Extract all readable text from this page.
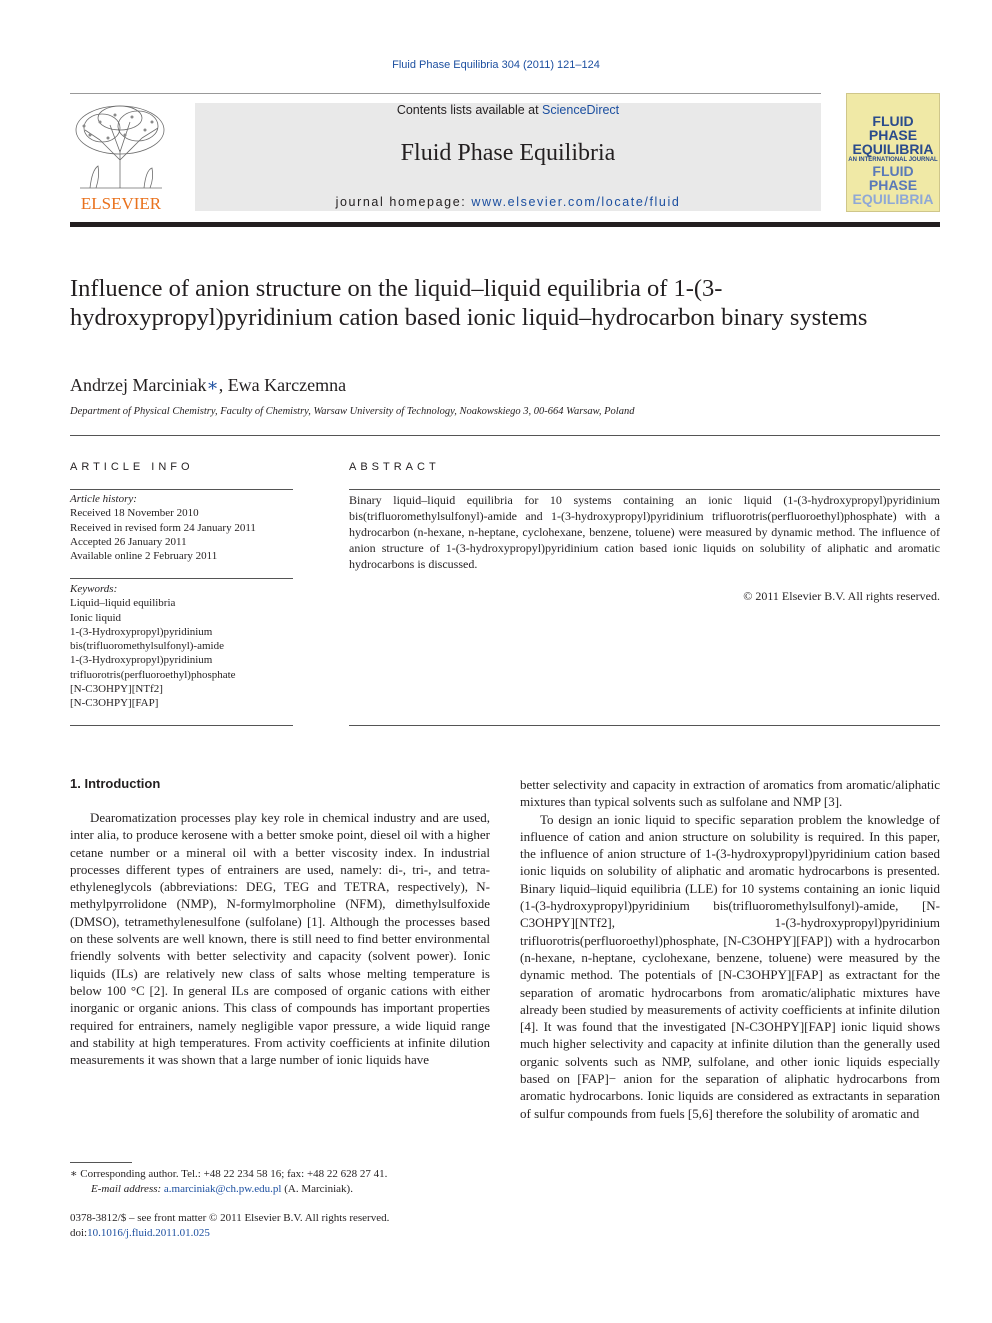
Fluid Phase Equilibria 304 (2011) 121–124
ELSEVIER
Contents lists available at ScienceDirect
Fluid Phase Equilibria
journal homepage: www.elsevier.com/locate/fluid
FLUID PHASE
EQUILIBRIA
AN INTERNATIONAL JOURNAL
FLUID PHASE
EQUILIBRIA
Influence of anion structure on the liquid–liquid equilibria of 1-(3-hydroxypropyl)pyridinium cation based ionic liquid–hydrocarbon binary systems
Andrzej Marciniak∗, Ewa Karczemna
Department of Physical Chemistry, Faculty of Chemistry, Warsaw University of Technology, Noakowskiego 3, 00-664 Warsaw, Poland
ARTICLE INFO	ABSTRACT
Article history:
Received 18 November 2010
Received in revised form 24 January 2011
Accepted 26 January 2011
Available online 2 February 2011
Keywords:
Liquid–liquid equilibria
Ionic liquid
1-(3-Hydroxypropyl)pyridinium
bis(trifluoromethylsulfonyl)-amide
1-(3-Hydroxypropyl)pyridinium
trifluorotris(perfluoroethyl)phosphate
[N-C3OHPY][NTf2]
[N-C3OHPY][FAP]
Binary liquid–liquid equilibria for 10 systems containing an ionic liquid (1-(3-hydroxypropyl)pyridinium bis(trifluoromethylsulfonyl)-amide and 1-(3-hydroxypropyl)pyridinium trifluorotris(perfluoroethyl)phosphate) with a hydrocarbon (n-hexane, n-heptane, cyclohexane, benzene, toluene) were measured by dynamic method. The influence of anion structure of 1-(3-hydroxypropyl)pyridinium cation based ionic liquids on solubility of aliphatic and aromatic hydrocarbons is discussed.
© 2011 Elsevier B.V. All rights reserved.
1. Introduction

Dearomatization processes play key role in chemical industry and are used, inter alia, to produce kerosene with a better smoke point, diesel oil with a higher cetane number or a mineral oil with a better viscosity index. In industrial processes different types of entrainers are used, namely: di-, tri-, and tetra-ethyleneglycols (abbreviations: DEG, TEG and TETRA, respectively), N-methylpyrrolidone (NMP), N-formylmorpholine (NFM), dimethylsulfoxide (DMSO), tetramethylenesulfone (sulfolane) [1]. Although the processes based on these solvents are well known, there is still need to find better environmental friendly solvents with better selectivity and capacity (solvent power). Ionic liquids (ILs) are relatively new class of salts whose melting temperature is below 100 °C [2]. In general ILs are composed of organic cations with either inorganic or organic anions. This class of compounds has important properties required for entrainers, namely negligible vapor pressure, a wide liquid range and stability at high temperatures. From activity coefficients at infinite dilution measurements it was shown that a large number of ionic liquids have

better selectivity and capacity in extraction of aromatics from aromatic/aliphatic mixtures than typical solvents such as sulfolane and NMP [3].

To design an ionic liquid to specific separation problem the knowledge of influence of cation and anion structure on solubility is required. In this paper, the influence of anion structure of 1-(3-hydroxypropyl)pyridinium cation based ionic liquids on solubility of aliphatic and aromatic hydrocarbons is presented. Binary liquid–liquid equilibria (LLE) for 10 systems containing an ionic liquid (1-(3-hydroxypropyl)pyridinium bis(trifluoromethylsulfonyl)-amide, [N-C3OHPY][NTf2], 1-(3-hydroxypropyl)pyridinium trifluorotris(perfluoroethyl)phosphate, [N-C3OHPY][FAP]) with a hydrocarbon (n-hexane, n-heptane, cyclohexane, benzene, toluene) were measured by the dynamic method. The potentials of [N-C3OHPY][FAP] as extractant for the separation of aromatic hydrocarbons from aromatic/aliphatic mixtures have already been studied by measurements of activity coefficients at infinite dilution [4]. It was found that the investigated [N-C3OHPY][FAP] ionic liquid shows much higher selectivity and capacity at infinite dilution than the generally used organic solvents such as NMP, sulfolane, and other ionic liquids especially based on [FAP]− anion for the separation of aliphatic hydrocarbons from aromatic hydrocarbons. Ionic liquids are considered as extractants in separation of sulfur compounds from fuels [5,6] therefore the solubility of aromatic and

∗ Corresponding author. Tel.: +48 22 234 58 16; fax: +48 22 628 27 41.
E-mail address: a.marciniak@ch.pw.edu.pl (A. Marciniak).
0378-3812/$ – see front matter © 2011 Elsevier B.V. All rights reserved.
doi:10.1016/j.fluid.2011.01.025
